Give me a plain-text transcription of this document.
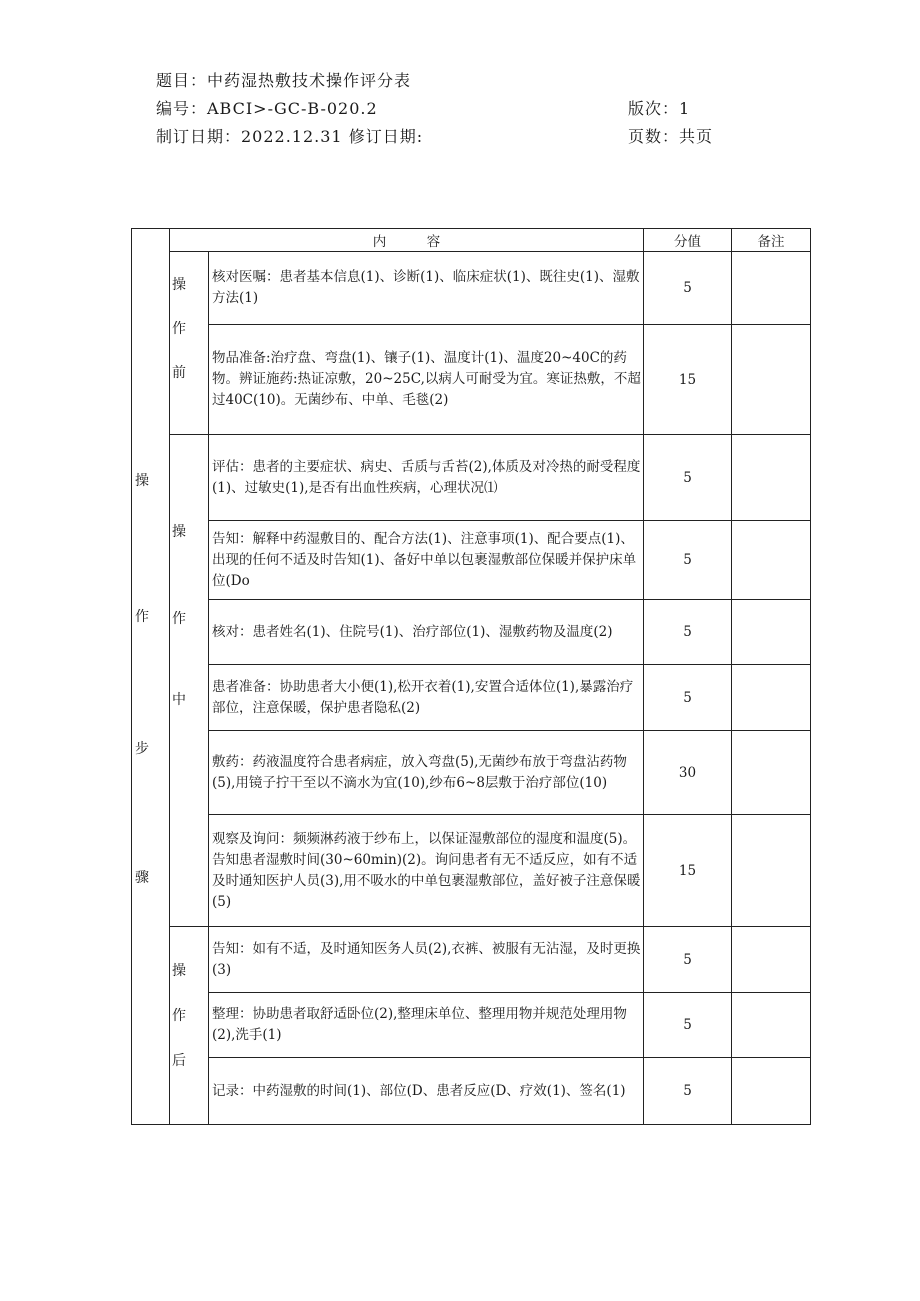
题目：中药湿热敷技术操作评分表
编号：ABCI>-GC-B-020.2	版次：1
制订日期：2022.12.31 修订日期:	页数：共页
操
作
步
骤	内　　　容		分值	备注

	操
作
前	核对医嘱：患者基本信息(1)、诊断(1)、临床症状(1)、既往史(1)、湿敷方法(1)	5	
		物品准备:治疗盘、弯盘(1)、镶子(1)、温度计(1)、温度20~40C的药物。辨证施药:热证凉敷，20~25C,以病人可耐受为宜。寒证热敷，不超过40C(10)。无菌纱布、中单、毛毯(2)	15	

	操
作
中	评估：患者的主要症状、病史、舌质与舌苔(2),体质及对冷热的耐受程度(1)、过敏史(1),是否有出血性疾病，心理状况⑴	5	
		告知：解释中药湿敷目的、配合方法(1)、注意事项(1)、配合要点(1)、出现的任何不适及时告知(1)、备好中单以包裹湿敷部位保暖并保护床单位(Do	5	
		核对：患者姓名(1)、住院号(1)、治疗部位(1)、湿敷药物及温度(2)	5	
		患者准备：协助患者大小便(1),松开衣着(1),安置合适体位(1),暴露治疗部位，注意保暖，保护患者隐私(2)	5	
		敷药：药液温度符合患者病症，放入弯盘(5),无菌纱布放于弯盘沾药物(5),用镜子拧干至以不滴水为宜(10),纱布6~8层敷于治疗部位(10)	30	
		观察及询问：频频淋药液于纱布上，以保证湿敷部位的湿度和温度(5)。告知患者湿敷时间(30~60min)(2)。询问患者有无不适反应，如有不适及时通知医护人员(3),用不吸水的中单包裹湿敷部位，盖好被子注意保暖(5)	15	

	操
作
后	告知：如有不适，及时通知医务人员(2),衣裤、被服有无沾湿，及时更换(3)	5	
		整理：协助患者取舒适卧位(2),整理床单位、整理用物并规范处理用物(2),洗手(1)	5	
		记录：中药湿敷的时间(1)、部位(D、患者反应(D、疗效(1)、签名(1)	5	
